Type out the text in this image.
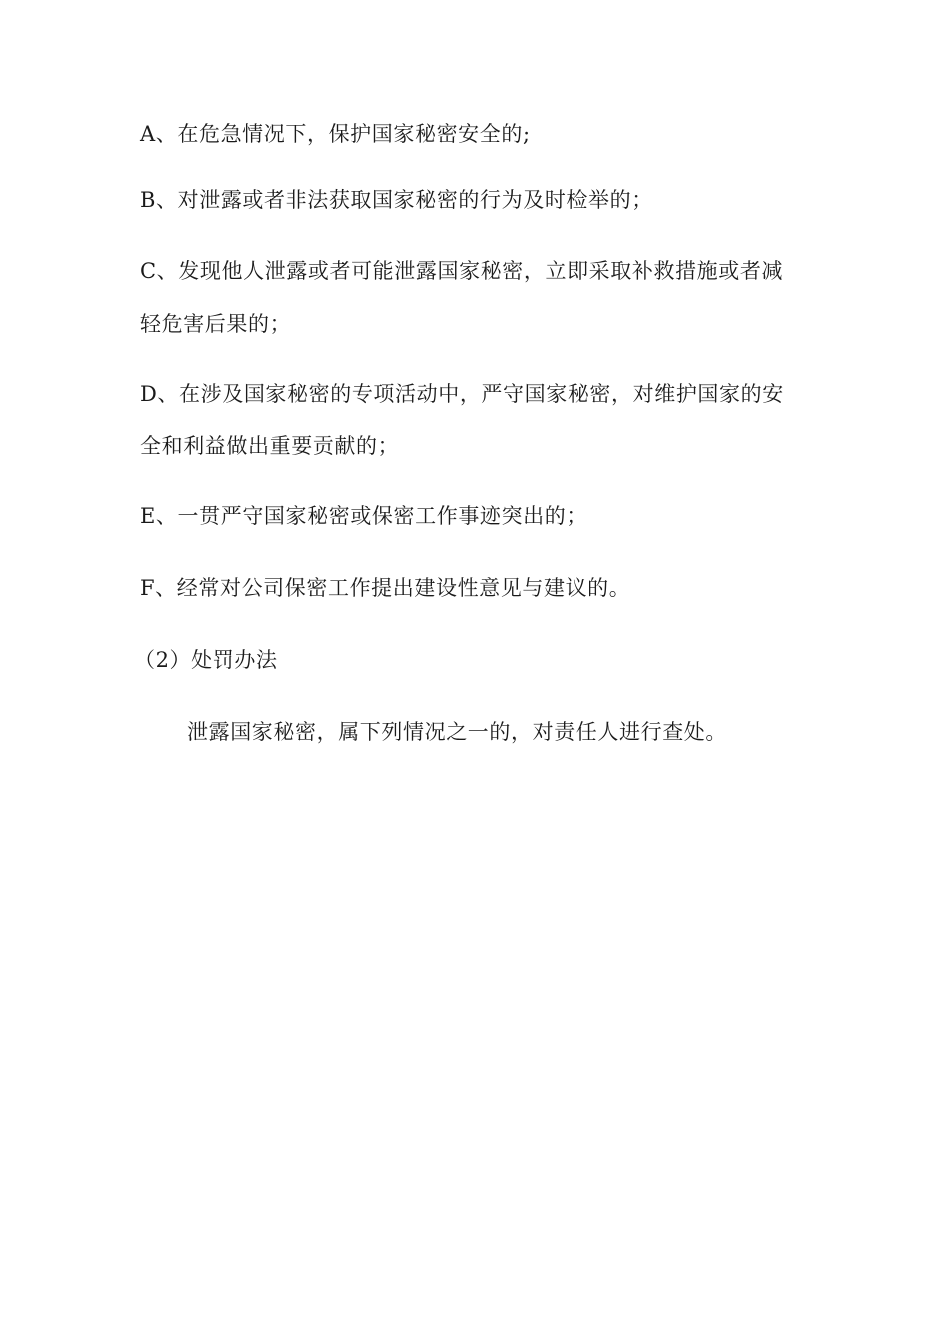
A、在危急情况下，保护国家秘密安全的;
B、对泄露或者非法获取国家秘密的行为及时检举的；
C、发现他人泄露或者可能泄露国家秘密，立即采取补救措施或者减
轻危害后果的；
D、在涉及国家秘密的专项活动中，严守国家秘密，对维护国家的安
全和利益做出重要贡献的；
E、一贯严守国家秘密或保密工作事迹突出的；
F、经常对公司保密工作提出建设性意见与建议的。
（2）处罚办法
泄露国家秘密，属下列情况之一的，对责任人进行查处。
